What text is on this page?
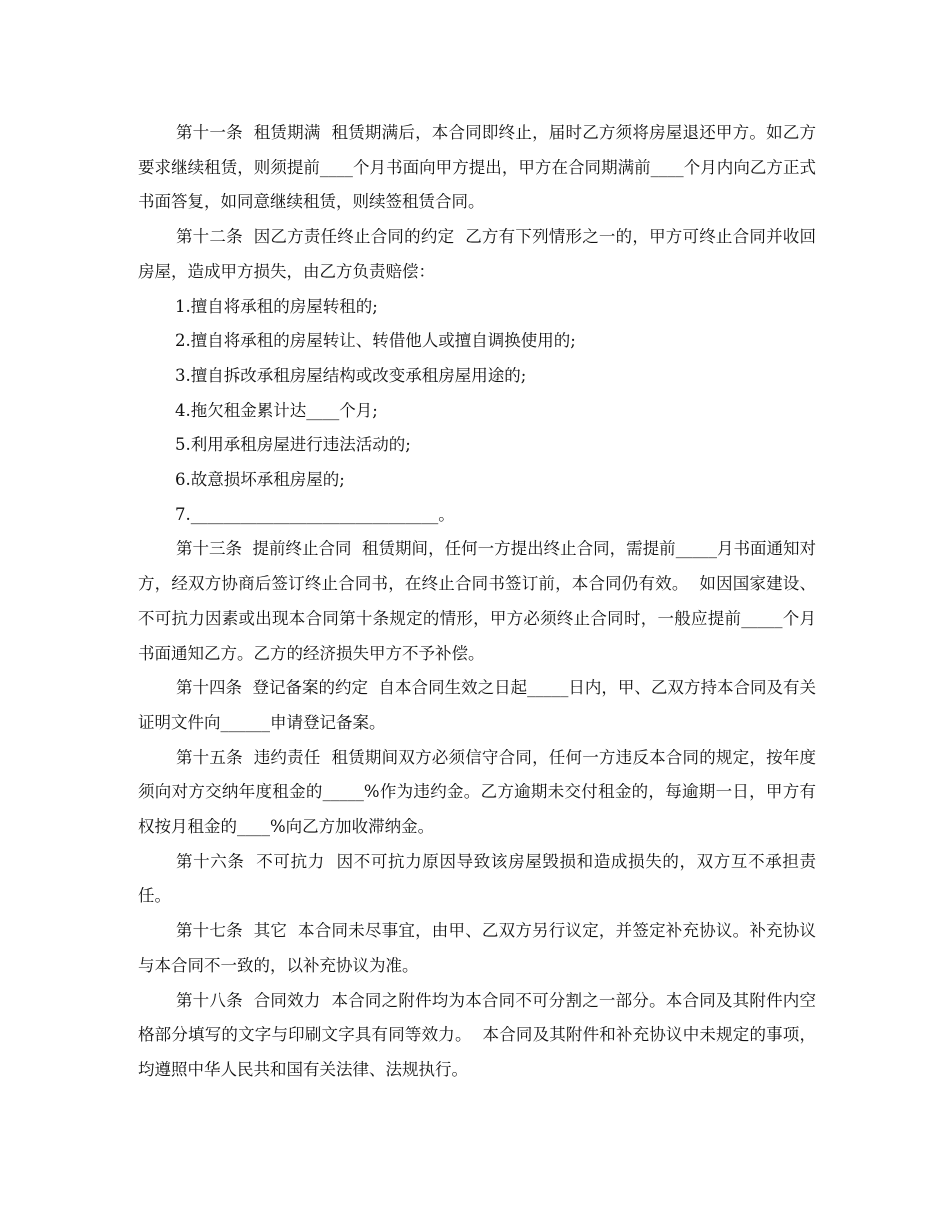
第十一条  租赁期满  租赁期满后，本合同即终止，届时乙方须将房屋退还甲方。如乙方要求继续租赁，则须提前____个月书面向甲方提出，甲方在合同期满前____个月内向乙方正式书面答复，如同意继续租赁，则续签租赁合同。

第十二条  因乙方责任终止合同的约定  乙方有下列情形之一的，甲方可终止合同并收回房屋，造成甲方损失，由乙方负责赔偿：

1.擅自将承租的房屋转租的;

2.擅自将承租的房屋转让、转借他人或擅自调换使用的;

3.擅自拆改承租房屋结构或改变承租房屋用途的;

4.拖欠租金累计达____个月;

5.利用承租房屋进行违法活动的;

6.故意损坏承租房屋的;

7.______________________________。

第十三条  提前终止合同  租赁期间，任何一方提出终止合同，需提前_____月书面通知对方，经双方协商后签订终止合同书，在终止合同书签订前，本合同仍有效。  如因国家建设、不可抗力因素或出现本合同第十条规定的情形，甲方必须终止合同时，一般应提前_____个月书面通知乙方。乙方的经济损失甲方不予补偿。

第十四条  登记备案的约定  自本合同生效之日起_____日内，甲、乙双方持本合同及有关证明文件向______申请登记备案。

第十五条  违约责任  租赁期间双方必须信守合同，任何一方违反本合同的规定，按年度须向对方交纳年度租金的_____%作为违约金。乙方逾期未交付租金的，每逾期一日，甲方有权按月租金的____%向乙方加收滞纳金。

第十六条  不可抗力  因不可抗力原因导致该房屋毁损和造成损失的，双方互不承担责任。

第十七条  其它  本合同未尽事宜，由甲、乙双方另行议定，并签定补充协议。补充协议与本合同不一致的，以补充协议为准。

第十八条  合同效力  本合同之附件均为本合同不可分割之一部分。本合同及其附件内空格部分填写的文字与印刷文字具有同等效力。  本合同及其附件和补充协议中未规定的事项，均遵照中华人民共和国有关法律、法规执行。
